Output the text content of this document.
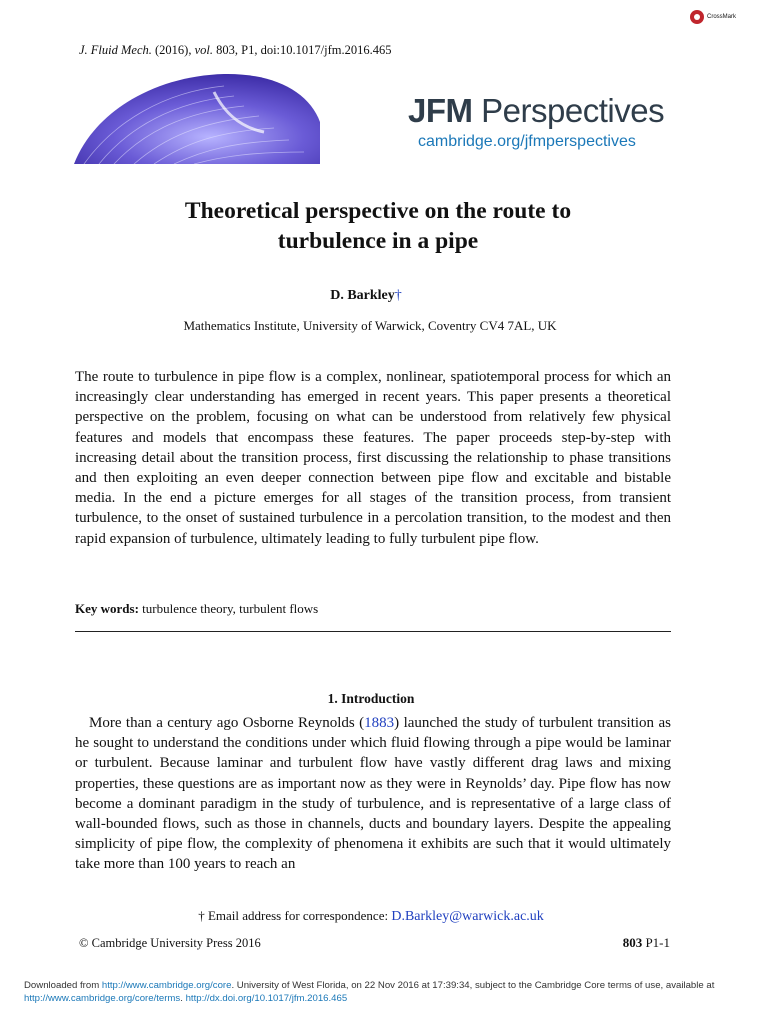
J. Fluid Mech. (2016), vol. 803, P1, doi:10.1017/jfm.2016.465
CrossMark
JFM Perspectives
cambridge.org/jfmperspectives
Theoretical perspective on the route to
turbulence in a pipe
D. Barkley†
Mathematics Institute, University of Warwick, Coventry CV4 7AL, UK
The route to turbulence in pipe flow is a complex, nonlinear, spatiotemporal process for which an increasingly clear understanding has emerged in recent years. This paper presents a theoretical perspective on the problem, focusing on what can be understood from relatively few physical features and models that encompass these features. The paper proceeds step-by-step with increasing detail about the transition process, first discussing the relationship to phase transitions and then exploiting an even deeper connection between pipe flow and excitable and bistable media. In the end a picture emerges for all stages of the transition process, from transient turbulence, to the onset of sustained turbulence in a percolation transition, to the modest and then rapid expansion of turbulence, ultimately leading to fully turbulent pipe flow.
Key words: turbulence theory, turbulent flows
1. Introduction
More than a century ago Osborne Reynolds (1883) launched the study of turbulent transition as he sought to understand the conditions under which fluid flowing through a pipe would be laminar or turbulent. Because laminar and turbulent flow have vastly different drag laws and mixing properties, these questions are as important now as they were in Reynolds’ day. Pipe flow has now become a dominant paradigm in the study of turbulence, and is representative of a large class of wall-bounded flows, such as those in channels, ducts and boundary layers. Despite the appealing simplicity of pipe flow, the complexity of phenomena it exhibits are such that it would ultimately take more than 100 years to reach an
† Email address for correspondence: D.Barkley@warwick.ac.uk
© Cambridge University Press 2016	803 P1-1
Downloaded from http://www.cambridge.org/core. University of West Florida, on 22 Nov 2016 at 17:39:34, subject to the Cambridge Core terms of use, available at
http://www.cambridge.org/core/terms. http://dx.doi.org/10.1017/jfm.2016.465
